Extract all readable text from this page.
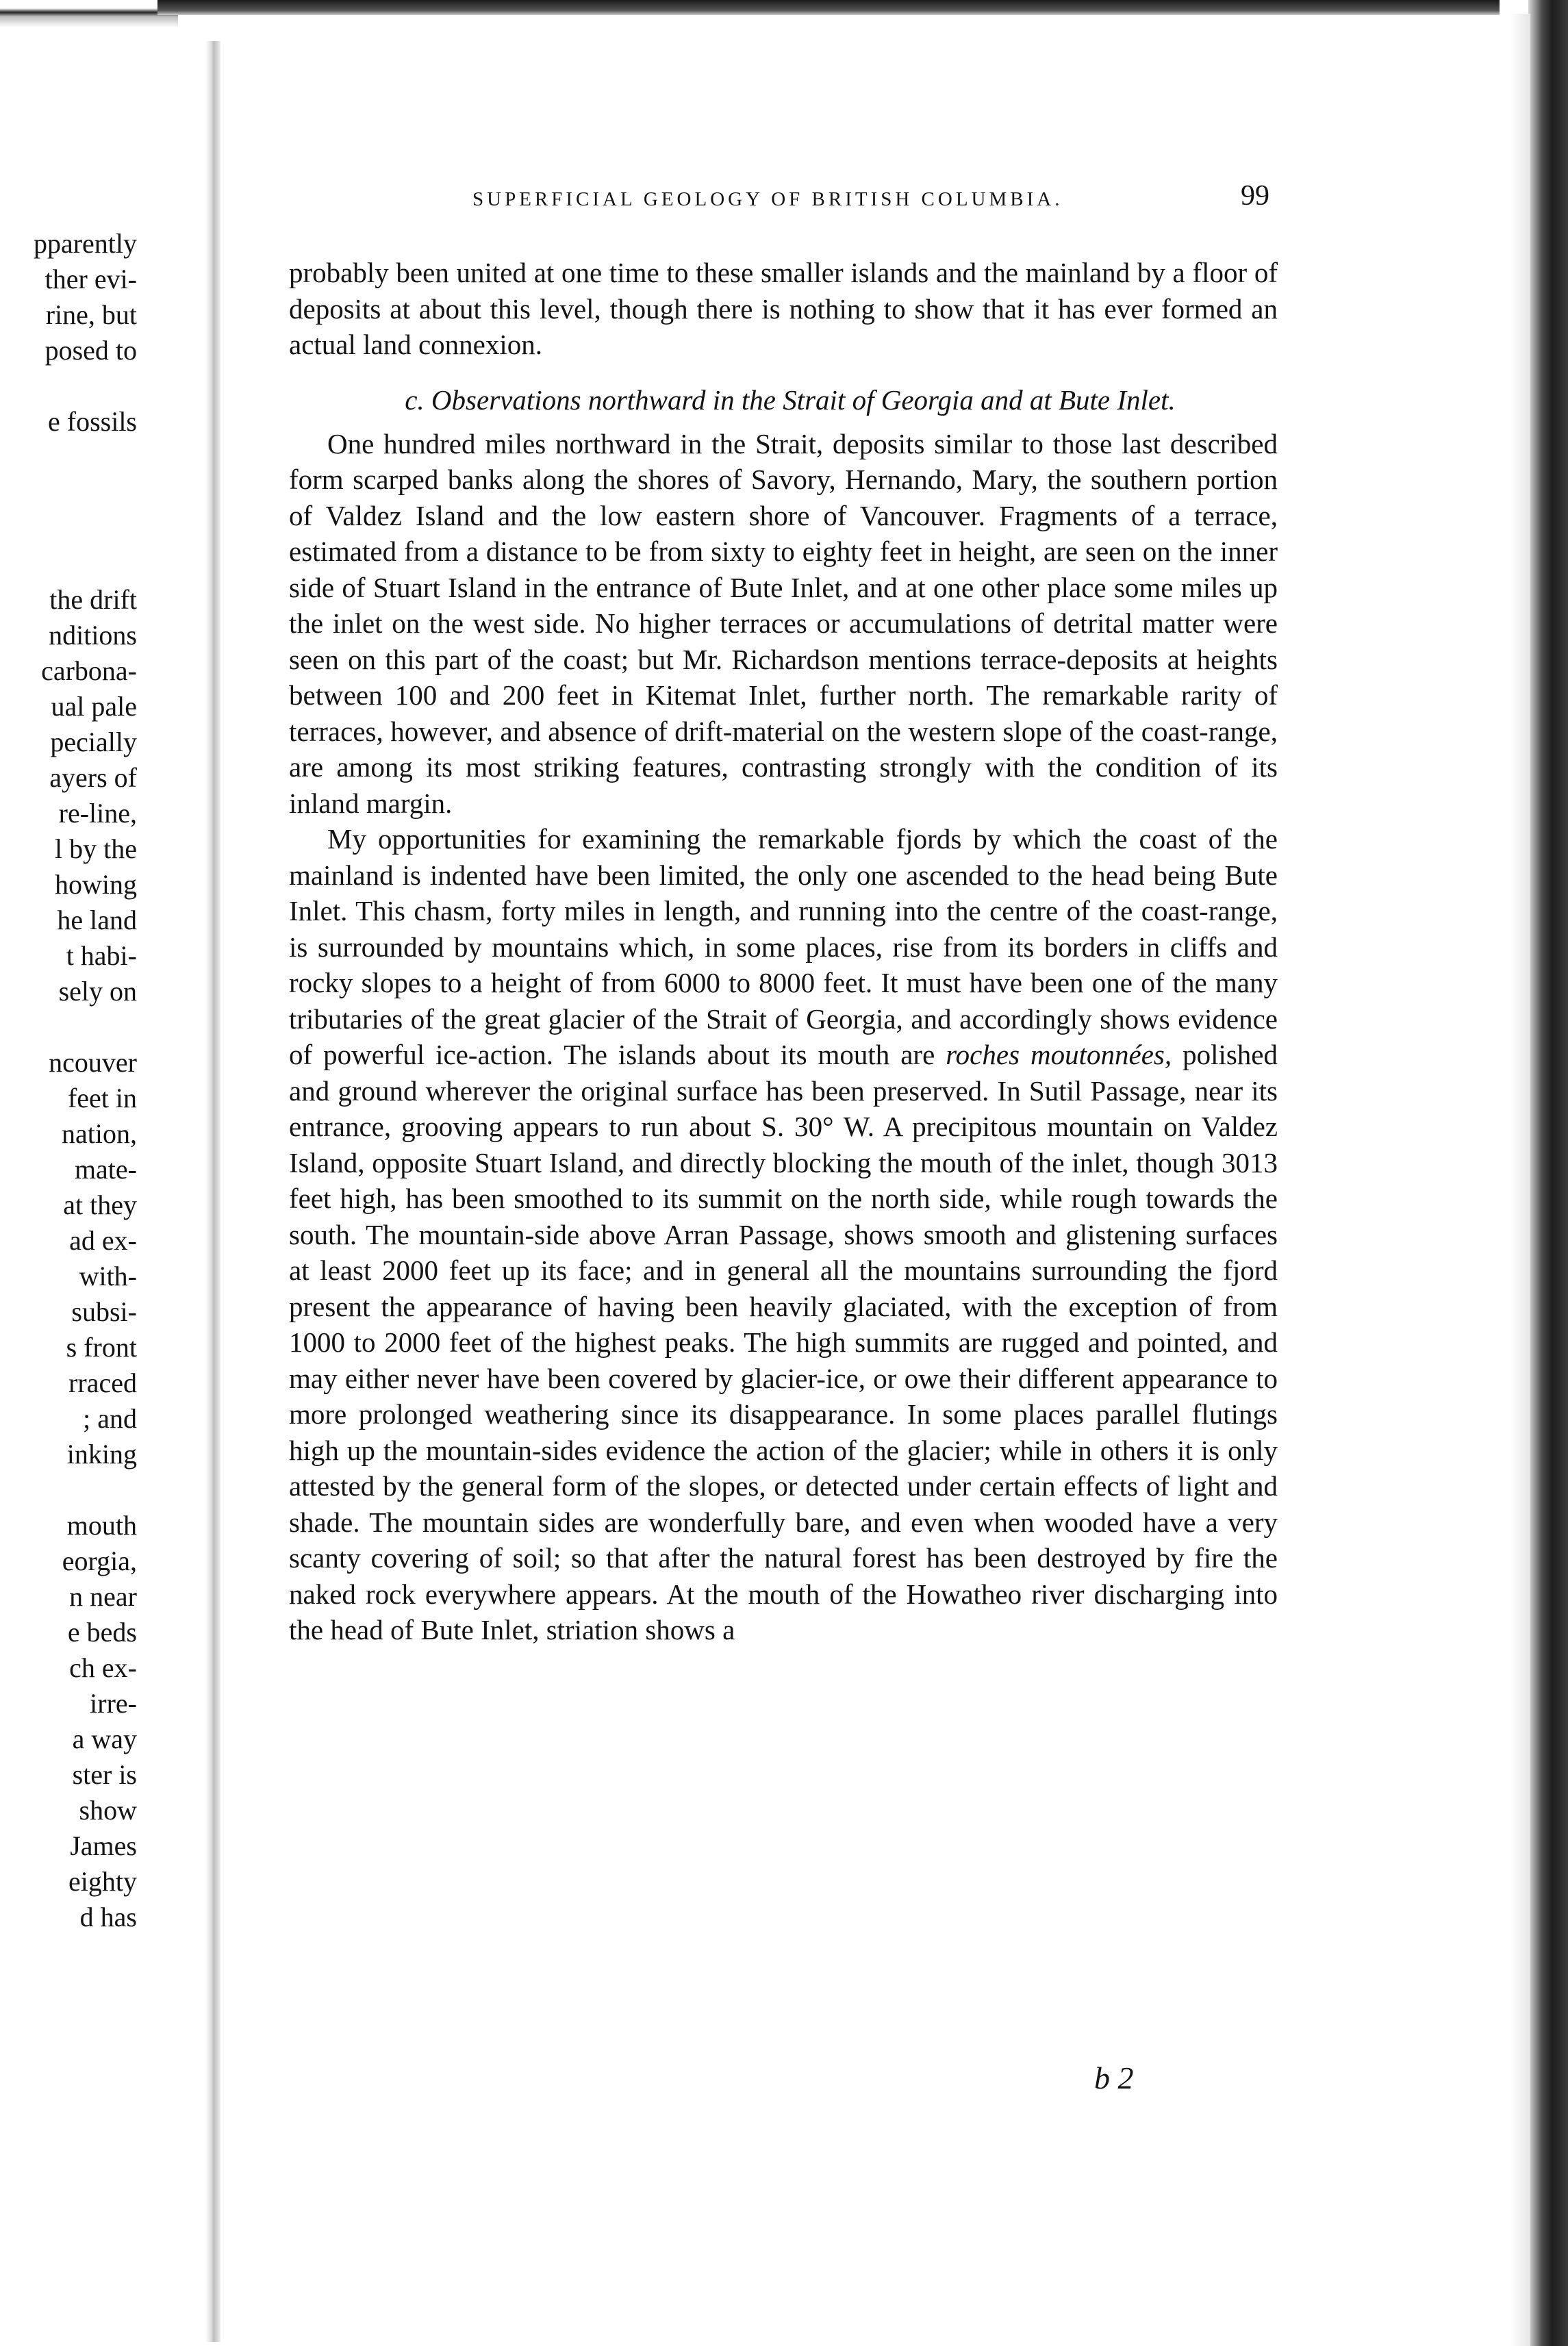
pparently
ther evi-
rine, but
posed to
e fossils
the drift
nditions
carbona-
ual pale
pecially
ayers of
re-line,
l by the
howing
he land
t habi-
sely on
ncouver
feet in
nation,
mate-
at they
ad ex-
with-
subsi-
s front
rraced
; and
inking
mouth
eorgia,
n near
e beds
ch ex-
irre-
a way
ster is
show
James
eighty
d has
SUPERFICIAL GEOLOGY OF BRITISH COLUMBIA.	99

probably been united at one time to these smaller islands and the mainland by a floor of deposits at about this level, though there is nothing to show that it has ever formed an actual land connexion.

c. Observations northward in the Strait of Georgia and at Bute Inlet.

One hundred miles northward in the Strait, deposits similar to those last described form scarped banks along the shores of Savory, Hernando, Mary, the southern portion of Valdez Island and the low eastern shore of Vancouver. Fragments of a terrace, estimated from a distance to be from sixty to eighty feet in height, are seen on the inner side of Stuart Island in the entrance of Bute Inlet, and at one other place some miles up the inlet on the west side. No higher terraces or accumulations of detrital matter were seen on this part of the coast; but Mr. Richardson mentions terrace-deposits at heights between 100 and 200 feet in Kitemat Inlet, further north. The remarkable rarity of terraces, however, and absence of drift-material on the western slope of the coast-range, are among its most striking features, contrasting strongly with the condition of its inland margin.

My opportunities for examining the remarkable fjords by which the coast of the mainland is indented have been limited, the only one ascended to the head being Bute Inlet. This chasm, forty miles in length, and running into the centre of the coast-range, is surrounded by mountains which, in some places, rise from its borders in cliffs and rocky slopes to a height of from 6000 to 8000 feet. It must have been one of the many tributaries of the great glacier of the Strait of Georgia, and accordingly shows evidence of powerful ice-action. The islands about its mouth are roches moutonnées, polished and ground wherever the original surface has been preserved. In Sutil Passage, near its entrance, grooving appears to run about S. 30° W. A precipitous mountain on Valdez Island, opposite Stuart Island, and directly blocking the mouth of the inlet, though 3013 feet high, has been smoothed to its summit on the north side, while rough towards the south. The mountain-side above Arran Passage, shows smooth and glistening surfaces at least 2000 feet up its face; and in general all the mountains surrounding the fjord present the appearance of having been heavily glaciated, with the exception of from 1000 to 2000 feet of the highest peaks. The high summits are rugged and pointed, and may either never have been covered by glacier-ice, or owe their different appearance to more prolonged weathering since its disappearance. In some places parallel flutings high up the mountain-sides evidence the action of the glacier; while in others it is only attested by the general form of the slopes, or detected under certain effects of light and shade. The mountain sides are wonderfully bare, and even when wooded have a very scanty covering of soil; so that after the natural forest has been destroyed by fire the naked rock everywhere appears. At the mouth of the Howatheo river discharging into the head of Bute Inlet, striation shows a

b 2
